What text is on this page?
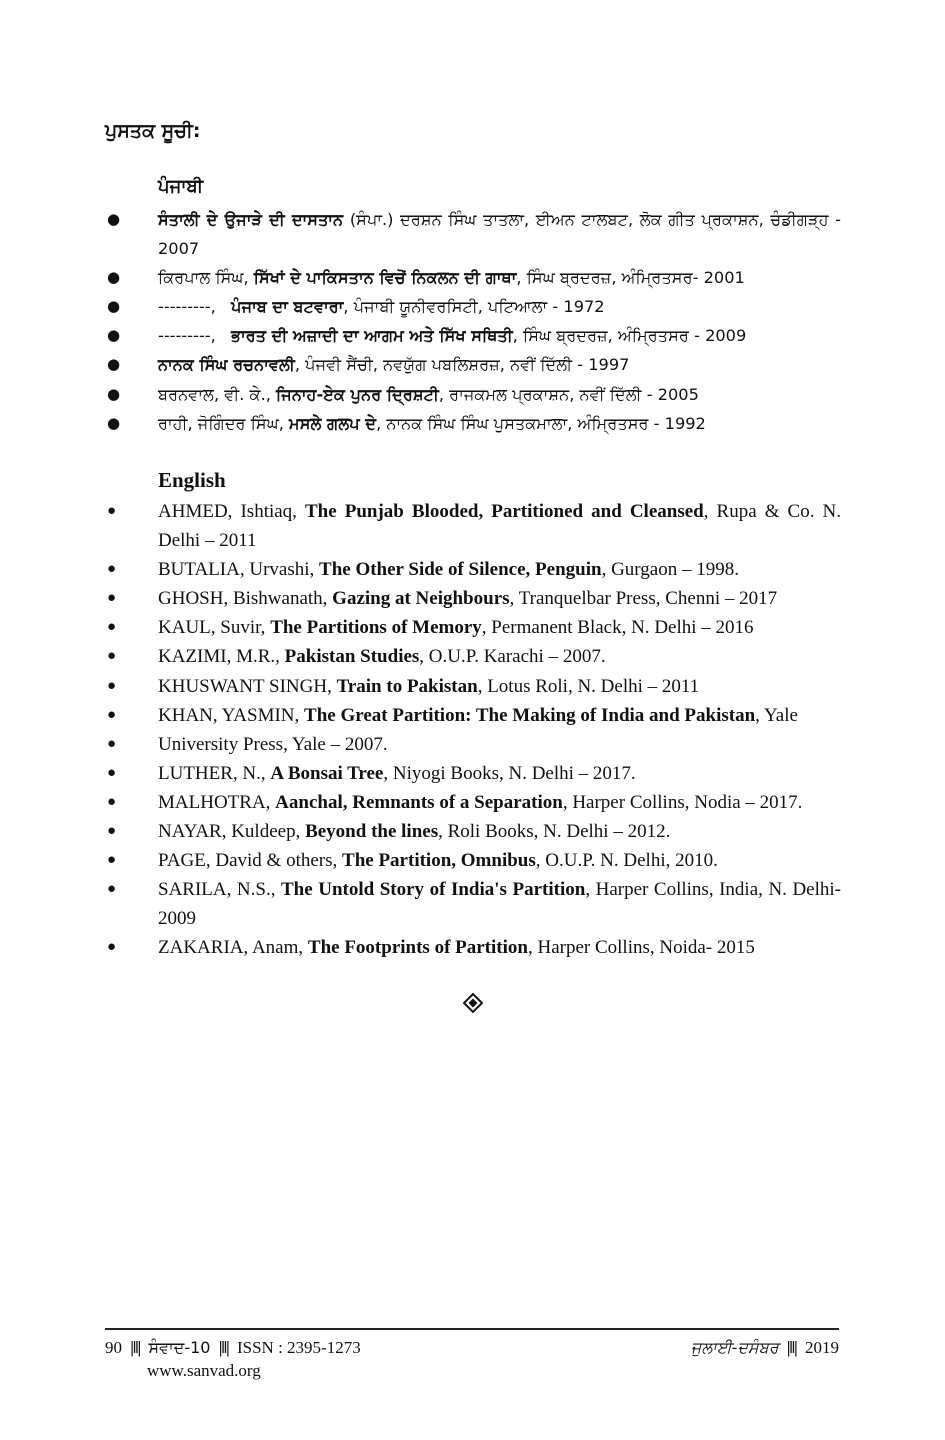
ਪੁਸਤਕ ਸੂਚੀ:
ਪੰਜਾਬੀ
● ਸੰਤਾਲੀ ਦੇ ਉਜਾੜੇ ਦੀ ਦਾਸਤਾਨ (ਸੰਪਾ.) ਦਰਸ਼ਨ ਸਿੰਘ ਤਾਤਲਾ, ਈਅਨ ਟਾਲਬਟ, ਲੋਕ ਗੀਤ ਪ੍ਰਕਾਸ਼ਨ, ਚੰਡੀਗੜ੍ਹ - 2007
● ਕਿਰਪਾਲ ਸਿੰਘ, ਸਿੱਖਾਂ ਦੇ ਪਾਕਿਸਤਾਨ ਵਿਚੋਂ ਨਿਕਲਨ ਦੀ ਗਾਥਾ, ਸਿੰਘ ਬ੍ਰਦਰਜ਼, ਅੰਮ੍ਰਿਤਸਰ- 2001
● ---------,   ਪੰਜਾਬ ਦਾ ਬਟਵਾਰਾ, ਪੰਜਾਬੀ ਯੂਨੀਵਰਸਿਟੀ, ਪਟਿਆਲਾ - 1972
● ---------,   ਭਾਰਤ ਦੀ ਅਜ਼ਾਦੀ ਦਾ ਆਗਮ ਅਤੇ ਸਿੱਖ ਸਥਿਤੀ, ਸਿੰਘ ਬ੍ਰਦਰਜ਼, ਅੰਮ੍ਰਿਤਸਰ - 2009
● ਨਾਨਕ ਸਿੰਘ ਰਚਨਾਵਲੀ, ਪੰਜਵੀ ਸੈਂਚੀ, ਨਵਯੁੱਗ ਪਬਲਿਸ਼ਰਜ਼, ਨਵੀਂ ਦਿੱਲੀ - 1997
● ਬਰਨਵਾਲ, ਵੀ. ਕੇ., ਜਿਨਾਹ-ਏਕ ਪੁਨਰ ਦ੍ਰਿਸ਼ਟੀ, ਰਾਜਕਮਲ ਪ੍ਰਕਾਸ਼ਨ, ਨਵੀਂ ਦਿੱਲੀ - 2005
● ਰਾਹੀ, ਜੋਗਿੰਦਰ ਸਿੰਘ, ਮਸਲੇ ਗਲਪ ਦੇ, ਨਾਨਕ ਸਿੰਘ ਸਿੰਘ ਪੁਸਤਕਮਾਲਾ, ਅੰਮ੍ਰਿਤਸਰ - 1992
English
● AHMED, Ishtiaq, The Punjab Blooded, Partitioned and Cleansed, Rupa & Co. N. Delhi – 2011
● BUTALIA, Urvashi, The Other Side of Silence, Penguin, Gurgaon – 1998.
● GHOSH, Bishwanath, Gazing at Neighbours, Tranquelbar Press, Chenni – 2017
● KAUL, Suvir, The Partitions of Memory, Permanent Black, N. Delhi – 2016
● KAZIMI, M.R., Pakistan Studies, O.U.P. Karachi – 2007.
● KHUSWANT SINGH, Train to Pakistan, Lotus Roli, N. Delhi – 2011
● KHAN, YASMIN, The Great Partition: The Making of India and Pakistan, Yale
● University Press, Yale – 2007.
● LUTHER, N., A Bonsai Tree, Niyogi Books, N. Delhi – 2017.
● MALHOTRA, Aanchal, Remnants of a Separation, Harper Collins, Nodia – 2017.
● NAYAR, Kuldeep, Beyond the lines, Roli Books, N. Delhi – 2012.
● PAGE, David & others, The Partition, Omnibus, O.U.P. N. Delhi, 2010.
● SARILA, N.S., The Untold Story of India's Partition, Harper Collins, India, N. Delhi-2009
● ZAKARIA, Anam, The Footprints of Partition, Harper Collins, Noida- 2015
90 |‖| ਸੰਵਾਦ-10 |‖| ISSN : 2395-1273
www.sanvad.org
ਜੁਲਾਈ-ਦਸੰਬਰ |‖| 2019
